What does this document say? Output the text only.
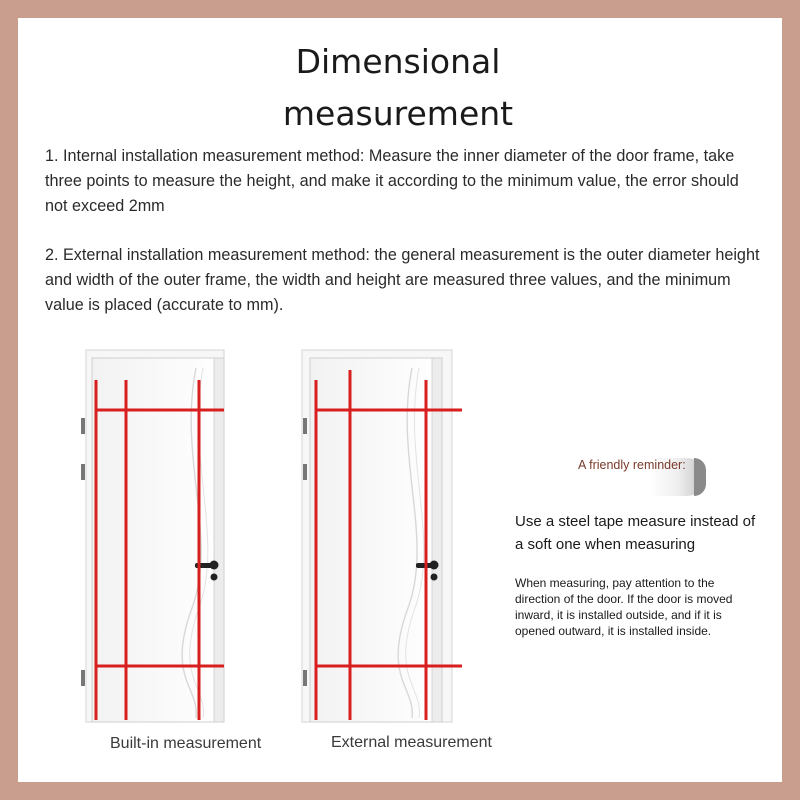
Dimensional measurement

1. Internal installation measurement method: Measure the inner diameter of the door frame, take three points to measure the height, and make it according to the minimum value, the error should not exceed 2mm

2. External installation measurement method: the general measurement is the outer diameter height and width of the outer frame, the width and height are measured three values, and the minimum value is placed (accurate to mm).

Built-in measurement	External measurement
A friendly reminder:
Use a steel tape measure instead of a soft one when measuring
When measuring, pay attention to the direction of the door. If the door is moved inward, it is installed outside, and if it is opened outward, it is installed inside.
